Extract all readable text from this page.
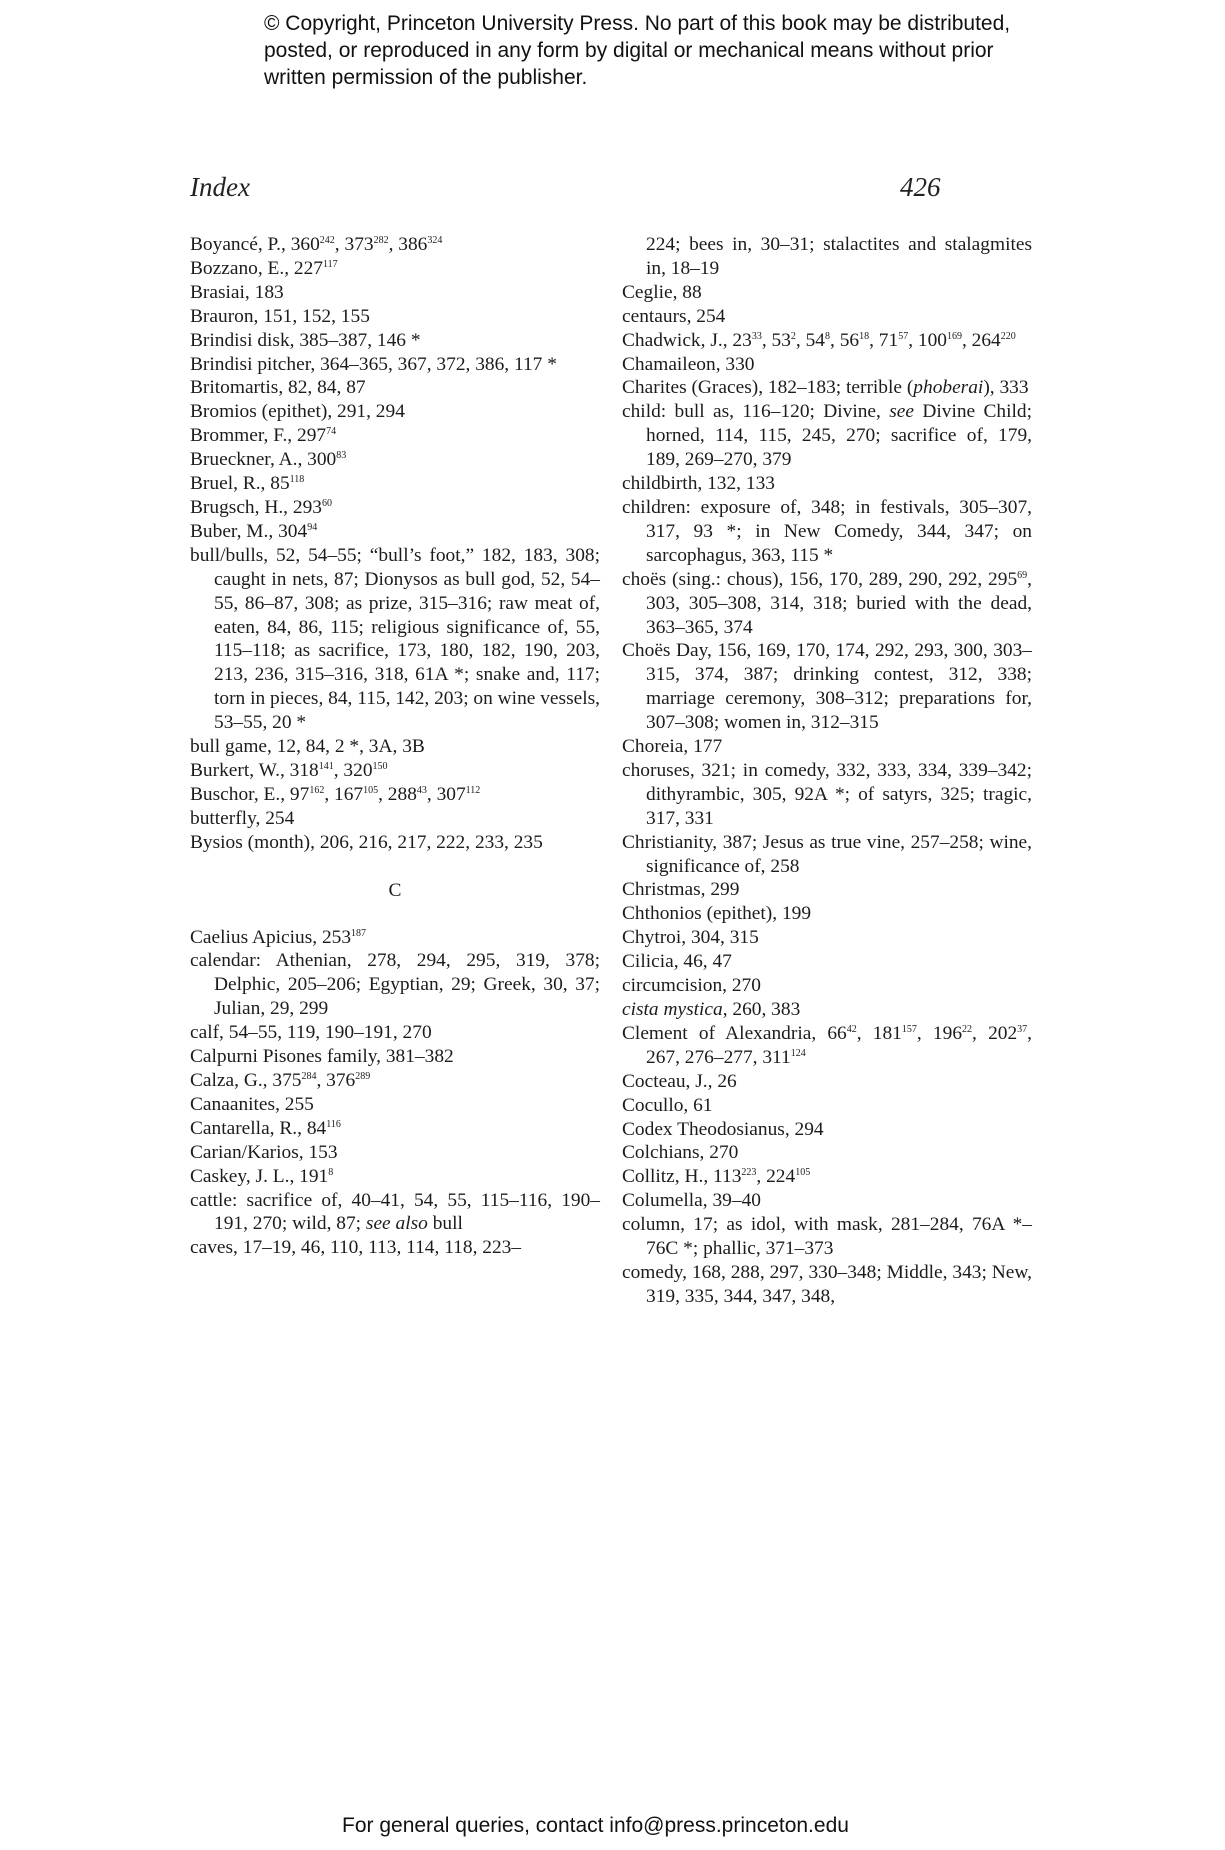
© Copyright, Princeton University Press. No part of this book may be distributed, posted, or reproduced in any form by digital or mechanical means without prior written permission of the publisher.
Index	426
Boyancé, P., $360^{242}$, $373^{282}$, $386^{324}$
Bozzano, E., $227^{117}$
Brasiai, 183
Brauron, 151, 152, 155
Brindisi disk, 385–387, 146 *
Brindisi pitcher, 364–365, 367, 372, 386, 117 *
Britomartis, 82, 84, 87
Bromios (epithet), 291, 294
Brommer, F., $297^{74}$
Brueckner, A., $300^{83}$
Bruel, R., $85^{118}$
Brugsch, H., $293^{60}$
Buber, M., $304^{94}$
bull/bulls, 52, 54–55; “bull’s foot,” 182, 183, 308; caught in nets, 87; Dionysos as bull god, 52, 54–55, 86–87, 308; as prize, 315–316; raw meat of, eaten, 84, 86, 115; religious significance of, 55, 115–118; as sacrifice, 173, 180, 182, 190, 203, 213, 236, 315–316, 318, 61A *; snake and, 117; torn in pieces, 84, 115, 142, 203; on wine vessels, 53–55, 20 *
bull game, 12, 84, 2 *, 3A, 3B
Burkert, W., $318^{141}$, $320^{150}$
Buschor, E., $97^{162}$, $167^{105}$, $288^{43}$, $307^{112}$
butterfly, 254
Bysios (month), 206, 216, 217, 222, 233, 235
C
Caelius Apicius, $253^{187}$
calendar: Athenian, 278, 294, 295, 319, 378; Delphic, 205–206; Egyptian, 29; Greek, 30, 37; Julian, 29, 299
calf, 54–55, 119, 190–191, 270
Calpurni Pisones family, 381–382
Calza, G., $375^{284}$, $376^{289}$
Canaanites, 255
Cantarella, R., $84^{116}$
Carian/Karios, 153
Caskey, J. L., $191^8$
cattle: sacrifice of, 40–41, 54, 55, 115–116, 190–191, 270; wild, 87; see also bull
caves, 17–19, 46, 110, 113, 114, 118, 223–
224; bees in, 30–31; stalactites and stalagmites in, 18–19
Ceglie, 88
centaurs, 254
Chadwick, J., $23^{33}$, $53^2$, $54^8$, $56^{18}$, $71^{57}$, $100^{169}$, $264^{220}$
Chamaileon, 330
Charites (Graces), 182–183; terrible (phoberai), 333
child: bull as, 116–120; Divine, see Divine Child; horned, 114, 115, 245, 270; sacrifice of, 179, 189, 269–270, 379
childbirth, 132, 133
children: exposure of, 348; in festivals, 305–307, 317, 93 *; in New Comedy, 344, 347; on sarcophagus, 363, 115 *
choës (sing.: chous), 156, 170, 289, 290, 292, $295^{69}$, 303, 305–308, 314, 318; buried with the dead, 363–365, 374
Choës Day, 156, 169, 170, 174, 292, 293, 300, 303–315, 374, 387; drinking contest, 312, 338; marriage ceremony, 308–312; preparations for, 307–308; women in, 312–315
Choreia, 177
choruses, 321; in comedy, 332, 333, 334, 339–342; dithyrambic, 305, 92A *; of satyrs, 325; tragic, 317, 331
Christianity, 387; Jesus as true vine, 257–258; wine, significance of, 258
Christmas, 299
Chthonios (epithet), 199
Chytroi, 304, 315
Cilicia, 46, 47
circumcision, 270
cista mystica, 260, 383
Clement of Alexandria, $66^{42}$, $181^{157}$, $196^{22}$, $202^{37}$, 267, 276–277, $311^{124}$
Cocteau, J., 26
Cocullo, 61
Codex Theodosianus, 294
Colchians, 270
Collitz, H., $113^{223}$, $224^{105}$
Columella, 39–40
column, 17; as idol, with mask, 281–284, 76A *–76C *; phallic, 371–373
comedy, 168, 288, 297, 330–348; Middle, 343; New, 319, 335, 344, 347, 348,
For general queries, contact info@press.princeton.edu
